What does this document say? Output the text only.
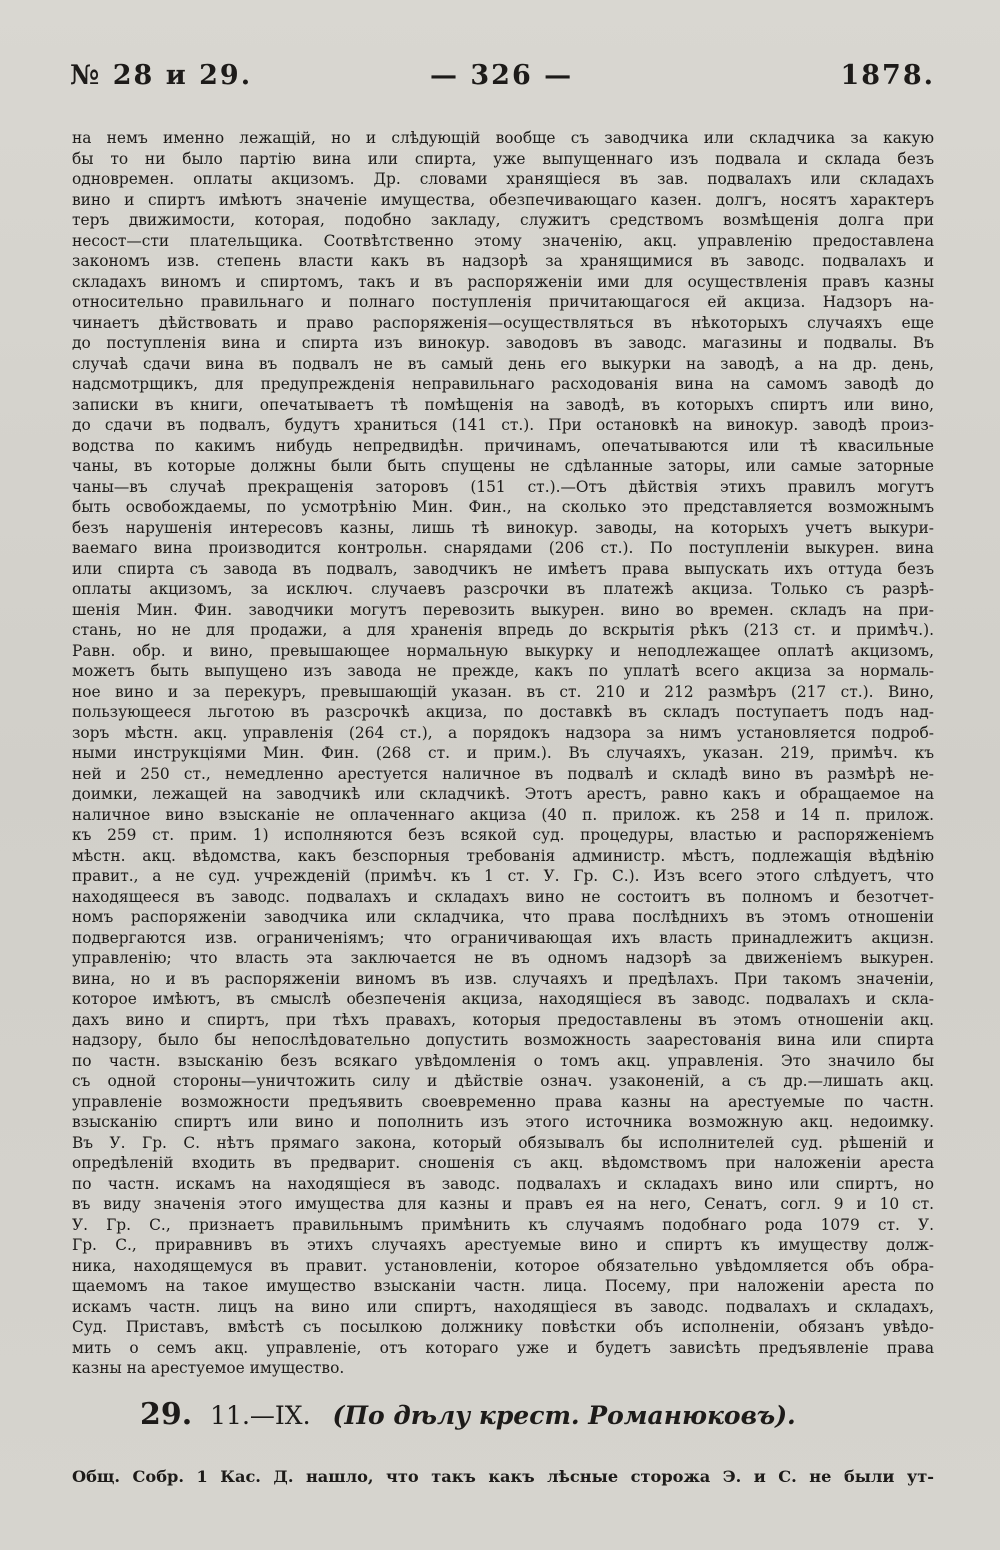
№ 28 и 29.	— 326 —	1878.
на немъ именно лежащій, но и слѣдующій вообще съ заводчика или складчика за какую
бы то ни было партію вина или спирта, уже выпущеннаго изъ подвала и склада безъ
одновремен. оплаты акцизомъ. Др. словами хранящіеся въ зав. подвалахъ или складахъ
вино и спиртъ имѣютъ значеніе имущества, обезпечивающаго казен. долгъ, носятъ характеръ
теръ движимости, которая, подобно закладу, служитъ средствомъ возмѣщенія долга при
несост—сти плательщика. Соотвѣтственно этому значенію, акц. управленію предоставлена
закономъ изв. степень власти какъ въ надзорѣ за хранящимися въ заводс. подвалахъ и
складахъ виномъ и спиртомъ, такъ и въ распоряженіи ими для осуществленія правъ казны
относительно правильнаго и полнаго поступленія причитающагося ей акциза. Надзоръ на-
чинаетъ дѣйствовать и право распоряженія—осуществляться въ нѣкоторыхъ случаяхъ еще
до поступленія вина и спирта изъ винокур. заводовъ въ заводс. магазины и подвалы. Въ
случаѣ сдачи вина въ подвалъ не въ самый день его выкурки на заводѣ, а на др. день,
надсмотрщикъ, для предупрежденія неправильнаго расходованія вина на самомъ заводѣ до
записки въ книги, опечатываетъ тѣ помѣщенія на заводѣ, въ которыхъ спиртъ или вино,
до сдачи въ подвалъ, будутъ храниться (141 ст.). При остановкѣ на винокур. заводѣ произ-
водства по какимъ нибудь непредвидѣн. причинамъ, опечатываются или тѣ квасильные
чаны, въ которые должны были быть спущены не сдѣланные заторы, или самые заторные
чаны—въ случаѣ прекращенія заторовъ (151 ст.).—Отъ дѣйствія этихъ правилъ могутъ
быть освобождаемы, по усмотрѣнію Мин. Фин., на сколько это представляется возможнымъ
безъ нарушенія интересовъ казны, лишь тѣ винокур. заводы, на которыхъ учетъ выкури-
ваемаго вина производится контрольн. снарядами (206 ст.). По поступленіи выкурен. вина
или спирта съ завода въ подвалъ, заводчикъ не имѣетъ права выпускать ихъ оттуда безъ
оплаты акцизомъ, за исключ. случаевъ разсрочки въ платежѣ акциза. Только съ разрѣ-
шенія Мин. Фин. заводчики могутъ перевозить выкурен. вино во времен. складъ на при-
стань, но не для продажи, а для храненія впредь до вскрытія рѣкъ (213 ст. и примѣч.).
Равн. обр. и вино, превышающее нормальную выкурку и неподлежащее оплатѣ акцизомъ,
можетъ быть выпущено изъ завода не прежде, какъ по уплатѣ всего акциза за нормаль-
ное вино и за перекуръ, превышающій указан. въ ст. 210 и 212 размѣръ (217 ст.). Вино,
пользующееся льготою въ разсрочкѣ акциза, по доставкѣ въ складъ поступаетъ подъ над-
зоръ мѣстн. акц. управленія (264 ст.), а порядокъ надзора за нимъ установляется подроб-
ными инструкціями Мин. Фин. (268 ст. и прим.). Въ случаяхъ, указан. 219, примѣч. къ
ней и 250 ст., немедленно арестуется наличное въ подвалѣ и складѣ вино въ размѣрѣ не-
доимки, лежащей на заводчикѣ или складчикѣ. Этотъ арестъ, равно какъ и обращаемое на
наличное вино взысканіе не оплаченнаго акциза (40 п. прилож. къ 258 и 14 п. прилож.
къ 259 ст. прим. 1) исполняются безъ всякой суд. процедуры, властью и распоряженіемъ
мѣстн. акц. вѣдомства, какъ безспорныя требованія администр. мѣстъ, подлежащія вѣдѣнію
правит., а не суд. учрежденій (примѣч. къ 1 ст. У. Гр. С.). Изъ всего этого слѣдуетъ, что
находящееся въ заводс. подвалахъ и складахъ вино не состоитъ въ полномъ и безотчет-
номъ распоряженіи заводчика или складчика, что права послѣднихъ въ этомъ отношеніи
подвергаются изв. ограниченіямъ; что ограничивающая ихъ власть принадлежитъ акцизн.
управленію; что власть эта заключается не въ одномъ надзорѣ за движеніемъ выкурен.
вина, но и въ распоряженіи виномъ въ изв. случаяхъ и предѣлахъ. При такомъ значеніи,
которое имѣютъ, въ смыслѣ обезпеченія акциза, находящіеся въ заводс. подвалахъ и скла-
дахъ вино и спиртъ, при тѣхъ правахъ, которыя предоставлены въ этомъ отношеніи акц.
надзору, было бы непослѣдовательно допустить возможность заарестованія вина или спирта
по частн. взысканію безъ всякаго увѣдомленія о томъ акц. управленія. Это значило бы
съ одной стороны—уничтожить силу и дѣйствіе означ. узаконеній, а съ др.—лишать акц.
управленіе возможности предъявить своевременно права казны на арестуемые по частн.
взысканію спиртъ или вино и пополнить изъ этого источника возможную акц. недоимку.
Въ У. Гр. С. нѣтъ прямаго закона, который обязывалъ бы исполнителей суд. рѣшеній и
опредѣленій входить въ предварит. сношенія съ акц. вѣдомствомъ при наложеніи ареста
по частн. искамъ на находящіеся въ заводс. подвалахъ и складахъ вино или спиртъ, но
въ виду значенія этого имущества для казны и правъ ея на него, Сенатъ, согл. 9 и 10 ст.
У. Гр. С., признаетъ правильнымъ примѣнить къ случаямъ подобнаго рода 1079 ст. У.
Гр. С., приравнивъ въ этихъ случаяхъ арестуемые вино и спиртъ къ имуществу долж-
ника, находящемуся въ правит. установленіи, которое обязательно увѣдомляется объ обра-
щаемомъ на такое имущество взысканіи частн. лица. Посему, при наложеніи ареста по
искамъ частн. лицъ на вино или спиртъ, находящіеся въ заводс. подвалахъ и складахъ,
Суд. Приставъ, вмѣстѣ съ посылкою должнику повѣстки объ исполненіи, обязанъ увѣдо-
мить о семъ акц. управленіе, отъ котораго уже и будетъ зависѣть предъявленіе права
казны на арестуемое имущество.
29. 11.—IX. (По дѣлу крест. Романюковъ).
Общ. Собр. 1 Кас. Д. нашло, что такъ какъ лѣсные сторожа Э. и С. не были ут-
